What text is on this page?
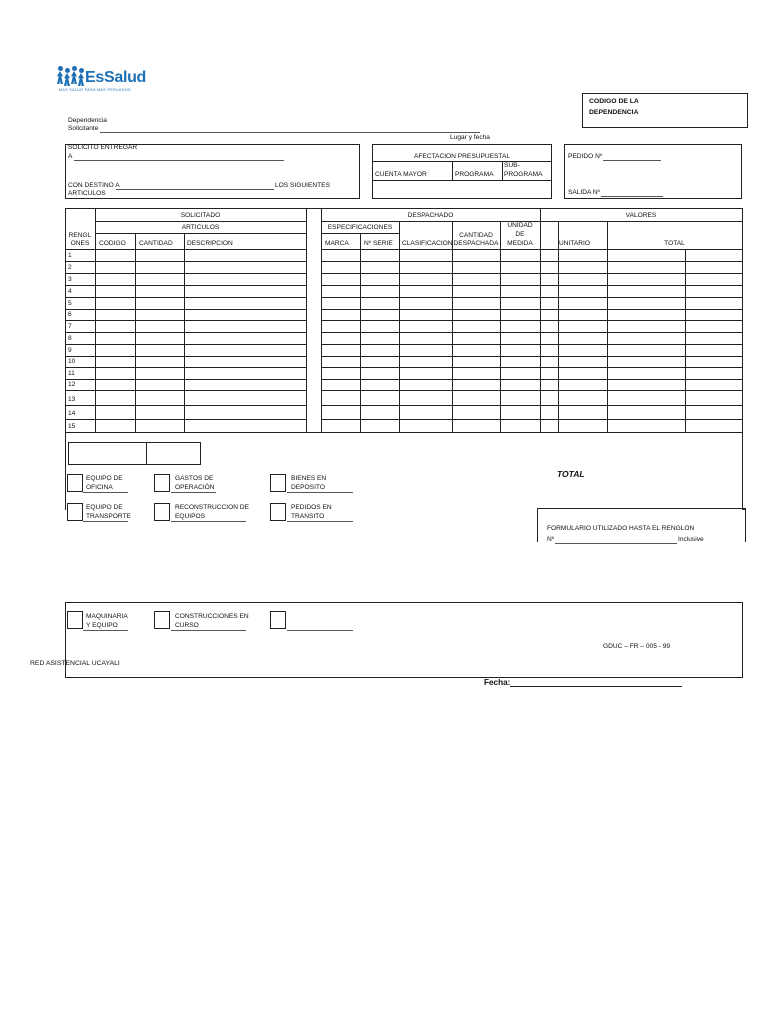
EsSalud
MAS SALUD PARA MAS PERUANOS
CODIGO DE LA DEPENDENCIA
Dependencia
Solicitante
Lugar y fecha
SOLICITO ENTREGAR
A
CON DESTINO A	LOS SIGUIENTES
ARTICULOS
AFECTACION PRESUPUESTAL
CUENTA MAYOR	PROGRAMA
SUB-
PROGRAMA
PEDIDO Nº
SALIDA Nº
SOLICITADO
ARTICULOS
RENGL
ONES	CODIGO CANTIDAD DESCRIPCION
DESPACHADO
ESPECIFICACIONES
MARCA Nº SERIE CLASIFICACION
CANTIDAD
DESPACHADA
UNIDAD
DE
MEDIDA
VALORES
UNITARIO	TOTAL
1
2
3
4
5
6
7
8
9
10
11
12
13
14
15
TOTAL
EQUIPO DE
OFICINA
GASTOS DE
OPERACIÓN
BIENES EN
DEPOSITO
EQUIPO DE
TRANSPORTE
RECONSTRUCCION DE
EQUIPOS
PEDIDOS EN
TRANSITO
FORMULARIO UTILIZADO HASTA EL RENGLON
Nº	Inclusive
MAQUINARIA
Y EQUIPO
CONSTRUCCIONES EN
CURSO
GDUC – FR – 005 - 99
RED ASISTENCIAL UCAYALI
Fecha:
